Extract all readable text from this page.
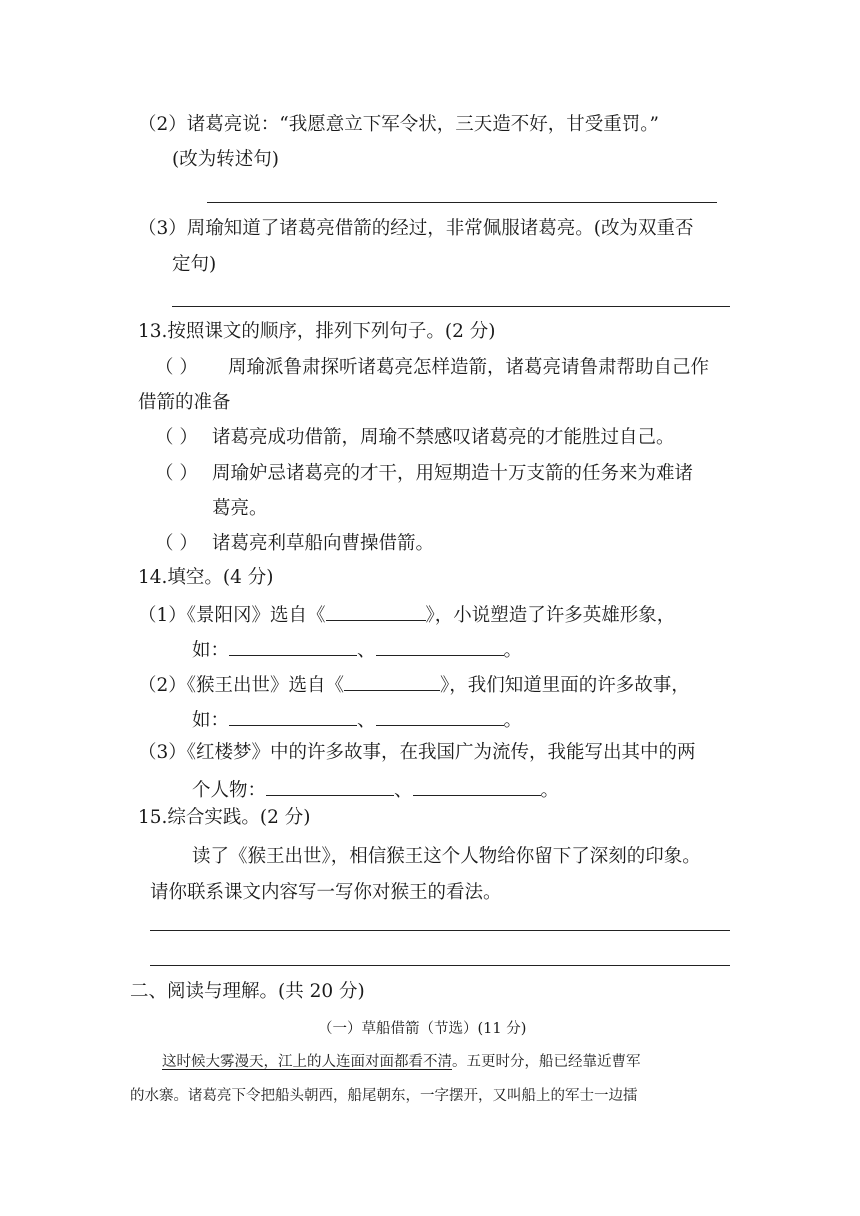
（2）诸葛亮说：“我愿意立下军令状，三天造不好，甘受重罚。”
(改为转述句)
（3）周瑜知道了诸葛亮借箭的经过，非常佩服诸葛亮。(改为双重否
定句)
13.按照课文的顺序，排列下列句子。(2 分)
（ ） 周瑜派鲁肃探听诸葛亮怎样造箭，诸葛亮请鲁肃帮助自己作
借箭的准备
（ ） 诸葛亮成功借箭，周瑜不禁感叹诸葛亮的才能胜过自己。
（ ） 周瑜妒忌诸葛亮的才干，用短期造十万支箭的任务来为难诸
葛亮。
（ ） 诸葛亮利草船向曹操借箭。
14.填空。(4 分)
（1）《景阳冈》选自《	》，小说塑造了许多英雄形象，
如：	、	。
（2）《猴王出世》选自《	》，我们知道里面的许多故事，
如：	、	。
（3）《红楼梦》中的许多故事，在我国广为流传，我能写出其中的两
个人物：	、	。
15.综合实践。(2 分)
读了《猴王出世》，相信猴王这个人物给你留下了深刻的印象。
请你联系课文内容写一写你对猴王的看法。
二、阅读与理解。(共 20 分)
（一）草船借箭（节选）(11 分)
这时候大雾漫天，江上的人连面对面都看不清。五更时分，船已经靠近曹军
的水寨。诸葛亮下令把船头朝西，船尾朝东，一字摆开，又叫船上的军士一边擂
